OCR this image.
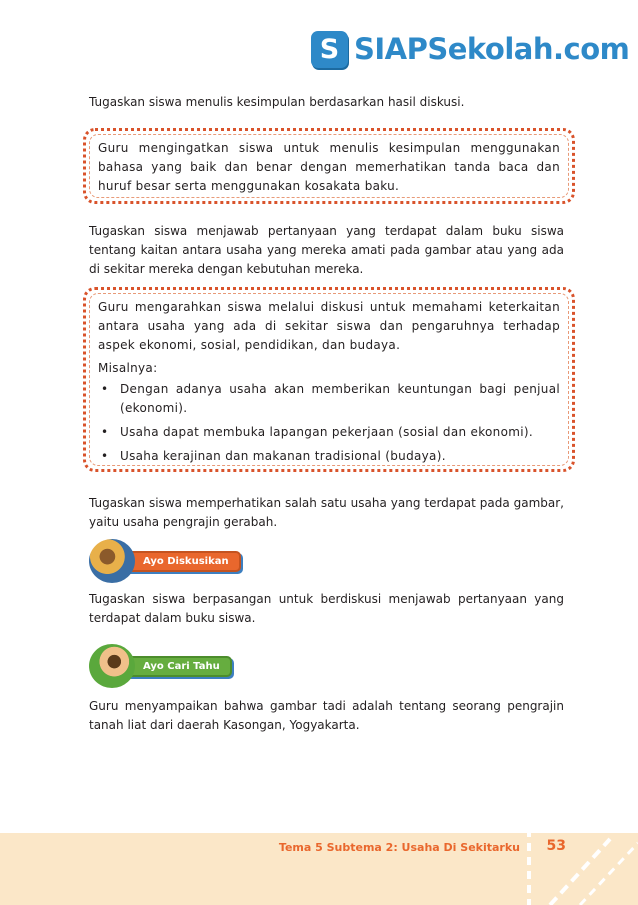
S SIAPSekolah.com

Tugaskan siswa menulis kesimpulan berdasarkan hasil diskusi.

Guru mengingatkan siswa untuk menulis kesimpulan menggunakan bahasa yang baik dan benar dengan memerhatikan tanda baca dan huruf besar serta menggunakan kosakata baku.

Tugaskan siswa menjawab pertanyaan yang terdapat dalam buku siswa tentang kaitan antara usaha yang mereka amati pada gambar atau yang ada di sekitar mereka dengan kebutuhan mereka.

Guru mengarahkan siswa melalui diskusi untuk memahami keterkaitan antara usaha yang ada di sekitar siswa dan pengaruhnya terhadap aspek ekonomi, sosial, pendidikan, dan budaya.

Misalnya:

• Dengan adanya usaha akan memberikan keuntungan bagi penjual (ekonomi).
• Usaha dapat membuka lapangan pekerjaan (sosial dan ekonomi).
• Usaha kerajinan dan makanan tradisional (budaya).

Tugaskan siswa memperhatikan salah satu usaha yang terdapat pada gambar, yaitu usaha pengrajin gerabah.

Ayo Diskusikan

Tugaskan siswa berpasangan untuk berdiskusi menjawab pertanyaan yang terdapat dalam buku siswa.

Ayo Cari Tahu

Guru menyampaikan bahwa gambar tadi adalah tentang seorang pengrajin tanah liat dari daerah Kasongan, Yogyakarta.

Tema 5 Subtema 2: Usaha Di Sekitarku 53
